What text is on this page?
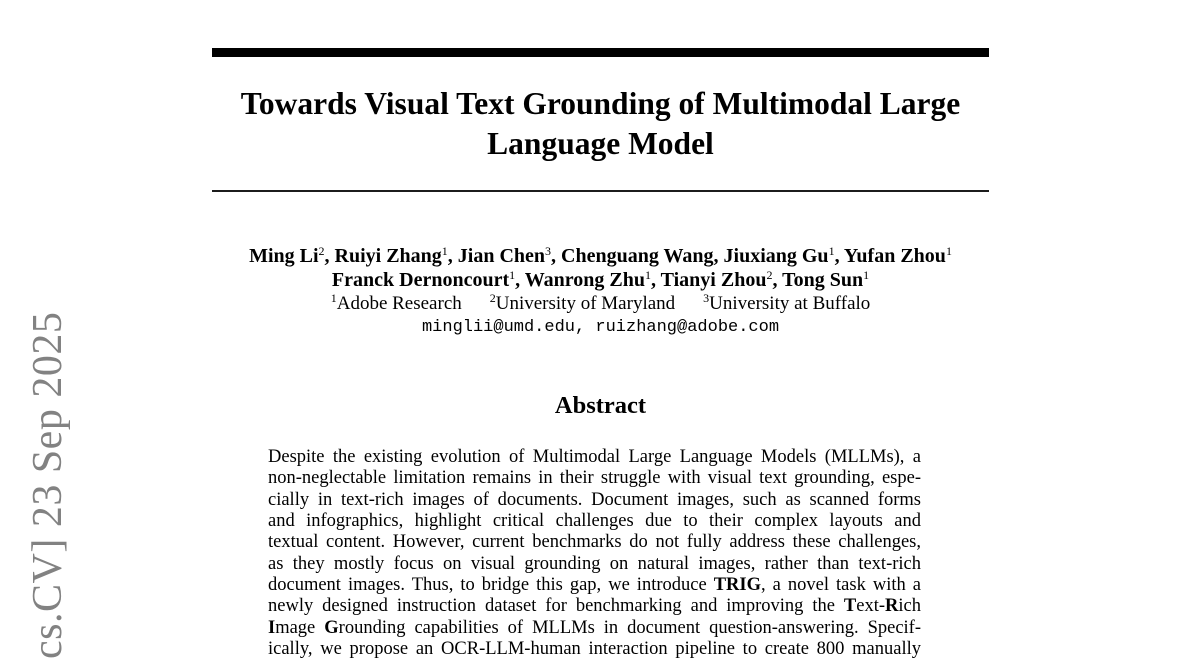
cs.CV] 23 Sep 2025
Towards Visual Text Grounding of Multimodal Large
Language Model
Ming Li$^2$, Ruiyi Zhang$^1$, Jian Chen$^3$, Chenguang Wang, Jiuxiang Gu$^1$, Yufan Zhou$^1$
Franck Dernoncourt$^1$, Wanrong Zhu$^1$, Tianyi Zhou$^2$, Tong Sun$^1$
$^1$Adobe Research $^2$University of Maryland $^3$University at Buffalo
minglii@umd.edu, ruizhang@adobe.com
Abstract
Despite the existing evolution of Multimodal Large Language Models (MLLMs), a
non-neglectable limitation remains in their struggle with visual text grounding, espe-
cially in text-rich images of documents. Document images, such as scanned forms
and infographics, highlight critical challenges due to their complex layouts and
textual content. However, current benchmarks do not fully address these challenges,
as they mostly focus on visual grounding on natural images, rather than text-rich
document images. Thus, to bridge this gap, we introduce TRIG, a novel task with a
newly designed instruction dataset for benchmarking and improving the Text-Rich
Image Grounding capabilities of MLLMs in document question-answering. Specif-
ically, we propose an OCR-LLM-human interaction pipeline to create 800 manually
